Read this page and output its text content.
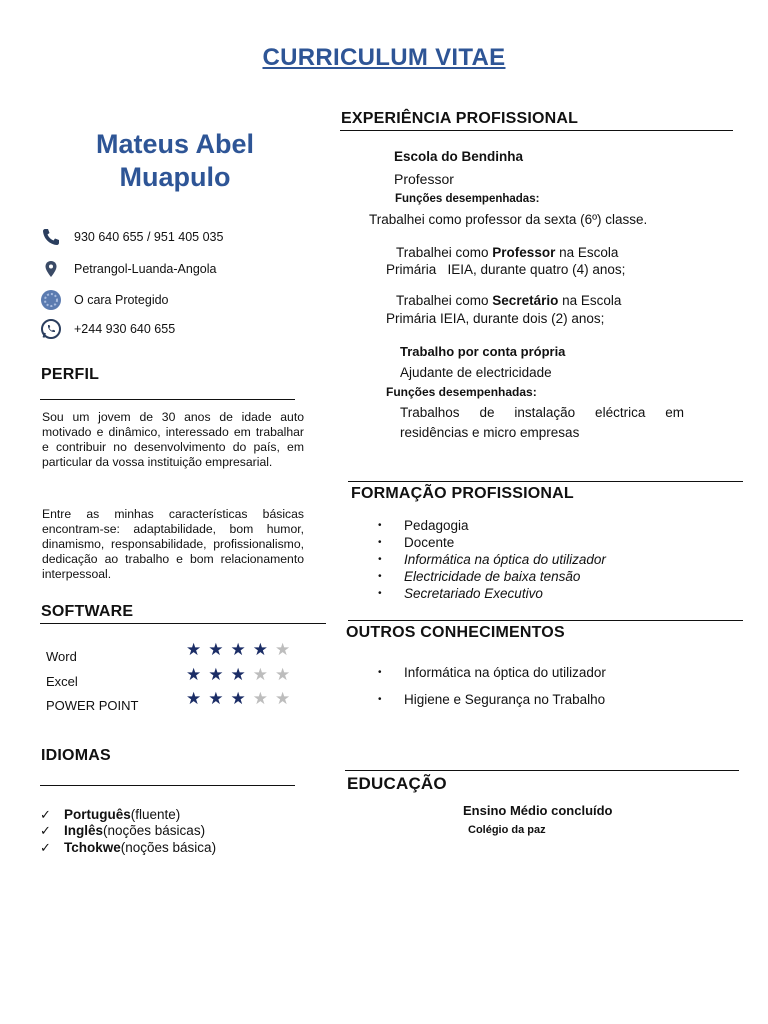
CURRICULUM VITAE
Mateus Abel
Muapulo
930 640 655 / 951 405 035
Petrangol-Luanda-Angola
O cara Protegido
+244 930 640 655
PERFIL
Sou um jovem de 30 anos de idade auto motivado e dinâmico, interessado em trabalhar e contribuir no desenvolvimento do país, em particular da vossa instituição empresarial.
Entre as minhas características básicas encontram-se: adaptabilidade, bom humor, dinamismo, responsabilidade, profissionalismo, dedicação ao trabalho e bom relacionamento interpessoal.
SOFTWARE
Word	★★★★★
Excel	★★★★★
POWER POINT	★★★★★
IDIOMAS
✓ Português (fluente)
✓ Inglês (noções básicas)
✓ Tchokwe (noções básica)
EXPERIÊNCIA PROFISSIONAL
Escola do Bendinha
Professor
Funções desempenhadas:
Trabalhei como professor da sexta (6º) classe.
Trabalhei como Professor na Escola
Primária   IEIA, durante quatro (4) anos;
Trabalhei como Secretário na Escola
Primária IEIA, durante dois (2) anos;
Trabalho por conta própria
Ajudante de electricidade
Funções desempenhadas:
Trabalhos de instalação eléctrica em
residências e micro empresas
FORMAÇÃO PROFISSIONAL
•	Pedagogia
•	Docente
•	Informática na óptica do utilizador
•	Electricidade de baixa tensão
•	Secretariado Executivo
OUTROS CONHECIMENTOS
•	Informática na óptica do utilizador
•	Higiene e Segurança no Trabalho
EDUCAÇÃO
Ensino Médio concluído
Colégio da paz
